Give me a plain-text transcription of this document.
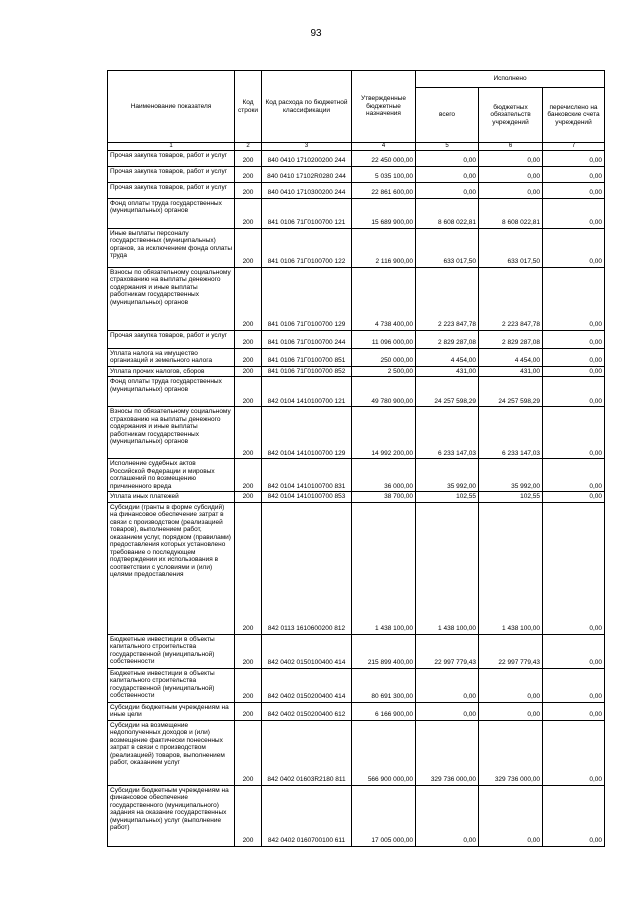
93
Наименование показателя	Код строки	Код расхода по бюджетной классификации	Утвержденные бюджетные назначения	Исполнено		
				всего	бюджетных обязательств учреждений	перечислено на банковские счета учреждений
1	2	3	4	5	6	7
Прочая закупка товаров, работ и услуг	200	840 0410 1710200200 244	22 450 000,00	0,00	0,00	0,00
Прочая закупка товаров, работ и услуг	200	840 0410 17102R0280 244	5 035 100,00	0,00	0,00	0,00
Прочая закупка товаров, работ и услуг	200	840 0410 1710300200 244	22 861 600,00	0,00	0,00	0,00
Фонд оплаты труда государственных (муниципальных) органов	200	841 0106 71Г0100700 121	15 689 900,00	8 608 022,81	8 608 022,81	0,00
Иные выплаты персоналу государственных (муниципальных) органов, за исключением фонда оплаты труда	200	841 0106 71Г0100700 122	2 116 900,00	633 017,50	633 017,50	0,00
Взносы по обязательному социальному страхованию на выплаты денежного содержания и иные выплаты работникам государственных (муниципальных) органов	200	841 0106 71Г0100700 129	4 738 400,00	2 223 847,78	2 223 847,78	0,00
Прочая закупка товаров, работ и услуг	200	841 0106 71Г0100700 244	11 096 000,00	2 829 287,08	2 829 287,08	0,00
Уплата налога на имущество организаций и земельного налога	200	841 0106 71Г0100700 851	250 000,00	4 454,00	4 454,00	0,00
Уплата прочих налогов, сборов	200	841 0106 71Г0100700 852	2 500,00	431,00	431,00	0,00
Фонд оплаты труда государственных (муниципальных) органов	200	842 0104 1410100700 121	49 780 900,00	24 257 598,29	24 257 598,29	0,00
Взносы по обязательному социальному страхованию на выплаты денежного содержания и иные выплаты работникам государственных (муниципальных) органов	200	842 0104 1410100700 129	14 992 200,00	6 233 147,03	6 233 147,03	0,00
Исполнение судебных актов Российской Федерации и мировых соглашений по возмещению причиненного вреда	200	842 0104 1410100700 831	36 000,00	35 992,00	35 992,00	0,00
Уплата иных платежей	200	842 0104 1410100700 853	38 700,00	102,55	102,55	0,00
Субсидии (гранты в форме субсидий) на финансовое обеспечение затрат в связи с производством (реализацией товаров), выполнением работ, оказанием услуг, порядком (правилами) предоставления которых установлено требование о последующем подтверждении их использования в соответствии с условиями и (или) целями предоставления	200	842 0113 1610600200 812	1 438 100,00	1 438 100,00	1 438 100,00	0,00
Бюджетные инвестиции в объекты капитального строительства государственной (муниципальной) собственности	200	842 0402 0150100400 414	215 899 400,00	22 997 779,43	22 997 779,43	0,00
Бюджетные инвестиции в объекты капитального строительства государственной (муниципальной) собственности	200	842 0402 0150200400 414	80 691 300,00	0,00	0,00	0,00
Субсидии бюджетным учреждениям на иные цели	200	842 0402 0150200400 612	6 166 900,00	0,00	0,00	0,00
Субсидии на возмещение недополученных доходов и (или) возмещение фактически понесенных затрат в связи с производством (реализацией) товаров, выполнением работ, оказанием услуг	200	842 0402 01603R2180 811	566 900 000,00	329 736 000,00	329 736 000,00	0,00
Субсидии бюджетным учреждениям на финансовое обеспечение государственного (муниципального) задания на оказание государственных (муниципальных) услуг (выполнение работ)	200	842 0402 0160700100 611	17 005 000,00	0,00	0,00	0,00
